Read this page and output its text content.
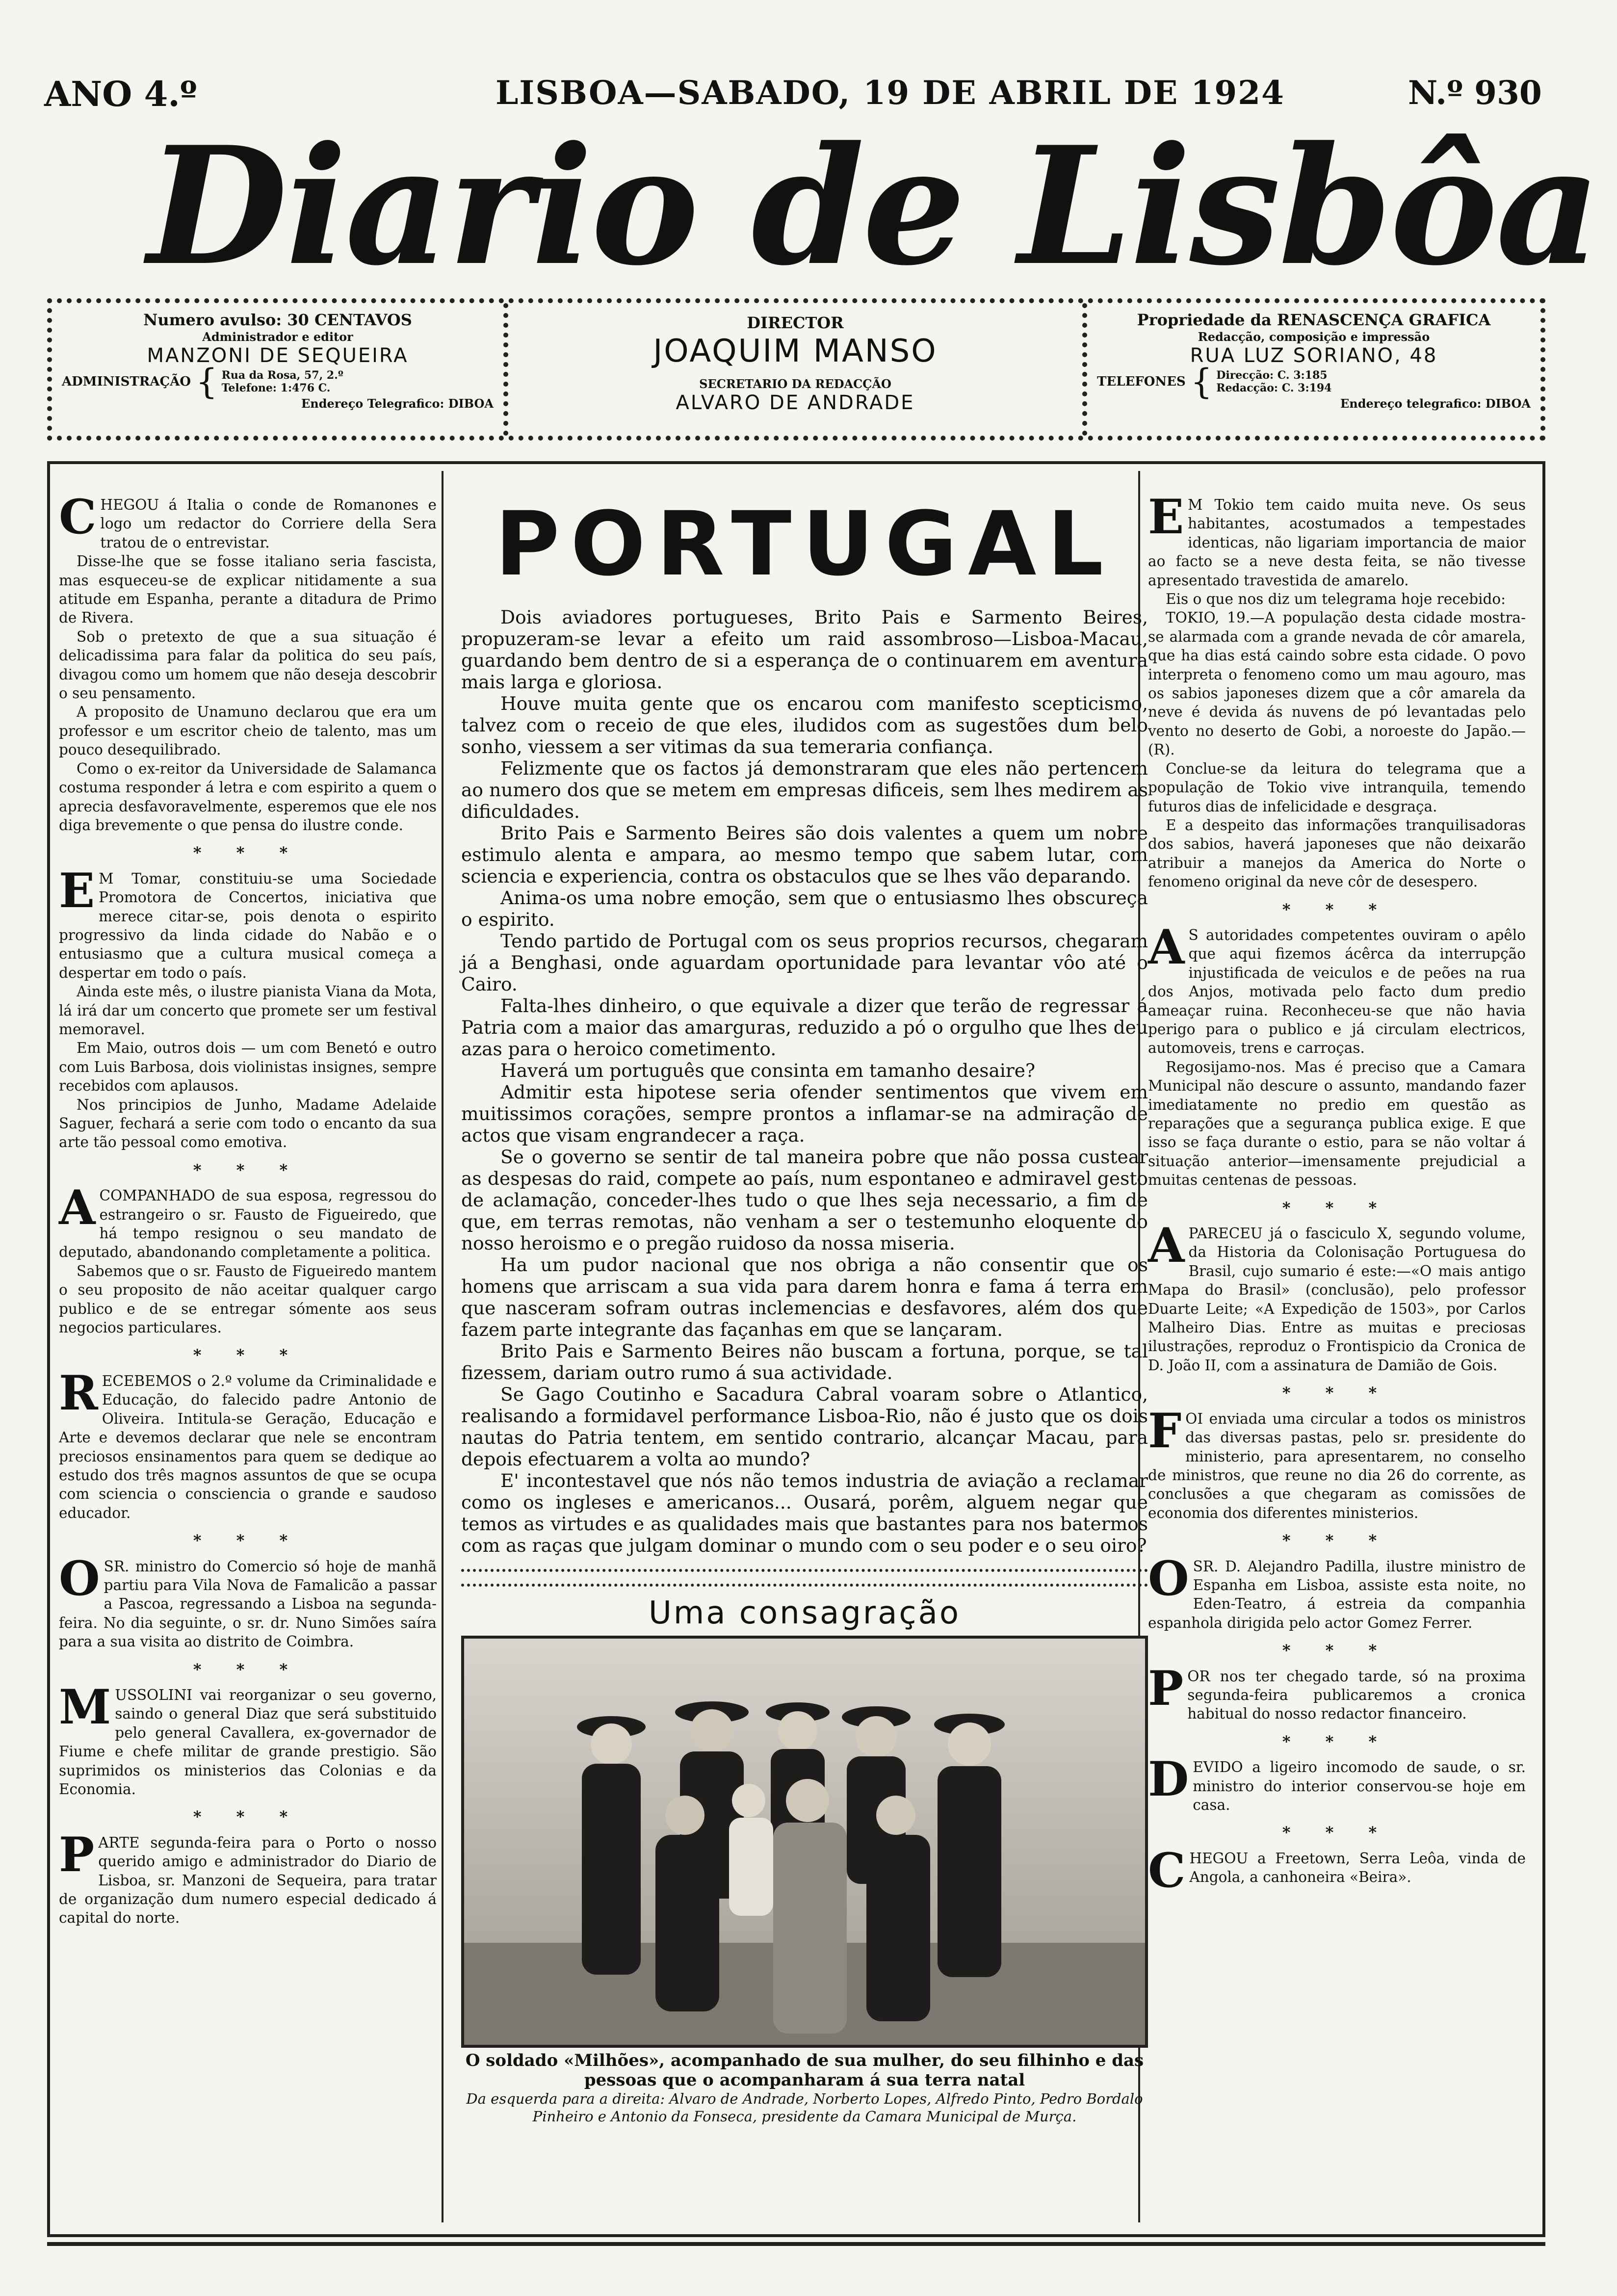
ANO 4.º	LISBOA—SABADO, 19 DE ABRIL DE 1924	N.º 930
Diario de Lisbôa
Numero avulso: 30 CENTAVOS
Administrador e editor
MANZONI DE SEQUEIRA
ADMINISTRAÇÃO { Rua da Rosa, 57, 2.º
Telefone: 1:476 C.
Endereço Telegrafico: DIBOA
DIRECTOR
JOAQUIM MANSO
SECRETARIO DA REDACÇÃO
ALVARO DE ANDRADE
Propriedade da RENASCENÇA GRAFICA
Redacção, composição e impressão
RUA LUZ SORIANO, 48
TELEFONES { Direcção: C. 3:185
Redacção: C. 3:194
Endereço telegrafico: DIBOA

CHEGOU á Italia o conde de Romanones e logo um redactor do Corriere della Sera tratou de o entrevistar.

Disse-lhe que se fosse italiano seria fascista, mas esqueceu-se de explicar nitidamente a sua atitude em Espanha, perante a ditadura de Primo de Rivera.

Sob o pretexto de que a sua situação é delicadissima para falar da politica do seu país, divagou como um homem que não deseja descobrir o seu pensamento.

A proposito de Unamuno declarou que era um professor e um escritor cheio de talento, mas um pouco desequilibrado.

Como o ex-reitor da Universidade de Salamanca costuma responder á letra e com espirito a quem o aprecia desfavoravelmente, esperemos que ele nos diga brevemente o que pensa do ilustre conde.

* * *

E M Tomar, constituiu-se uma Sociedade Promotora de Concertos, iniciativa que merece citar-se, pois denota o espirito progressivo da linda cidade do Nabão e o entusiasmo que a cultura musical começa a despertar em todo o país.

Ainda este mês, o ilustre pianista Viana da Mota, lá irá dar um concerto que promete ser um festival memoravel.

Em Maio, outros dois — um com Benetó e outro com Luis Barbosa, dois violinistas insignes, sempre recebidos com aplausos.

Nos principios de Junho, Madame Adelaide Saguer, fechará a serie com todo o encanto da sua arte tão pessoal como emotiva.

* * *

ACOMPANHADO de sua esposa, regressou do estrangeiro o sr. Fausto de Figueiredo, que há tempo resignou o seu mandato de deputado, abandonando completamente a politica.

Sabemos que o sr. Fausto de Figueiredo mantem o seu proposito de não aceitar qualquer cargo publico e de se entregar sómente aos seus negocios particulares.

* * *

RECEBEMOS o 2.º volume da Criminalidade e Educação, do falecido padre Antonio de Oliveira. Intitula-se Geração, Educação e Arte e devemos declarar que nele se encontram preciosos ensinamentos para quem se dedique ao estudo dos três magnos assuntos de que se ocupa com sciencia o consciencia o grande e saudoso educador.

* * *

OSR. ministro do Comercio só hoje de manhã partiu para Vila Nova de Famalicão a passar a Pascoa, regressando a Lisboa na segunda-feira. No dia seguinte, o sr. dr. Nuno Simões saíra para a sua visita ao distrito de Coimbra.

* * *

MUSSOLINI vai reorganizar o seu governo, saindo o general Diaz que será substituido pelo general Cavallera, ex-governador de Fiume e chefe militar de grande prestigio. São suprimidos os ministerios das Colonias e da Economia.

* * *

PARTE segunda-feira para o Porto o nosso querido amigo e administrador do Diario de Lisboa, sr. Manzoni de Sequeira, para tratar de organização dum numero especial dedicado á capital do norte.

PORTUGAL

Dois aviadores portugueses, Brito Pais e Sarmento Beires, propuzeram-se levar a efeito um raid assombroso—Lisboa-Macau, guardando bem dentro de si a esperança de o continuarem em aventura mais larga e gloriosa.

Houve muita gente que os encarou com manifesto scepticismo, talvez com o receio de que eles, iludidos com as sugestões dum belo sonho, viessem a ser vitimas da sua temeraria confiança.

Felizmente que os factos já demonstraram que eles não pertencem ao numero dos que se metem em empresas dificeis, sem lhes medirem as dificuldades.

Brito Pais e Sarmento Beires são dois valentes a quem um nobre estimulo alenta e ampara, ao mesmo tempo que sabem lutar, com sciencia e experiencia, contra os obstaculos que se lhes vão deparando.

Anima-os uma nobre emoção, sem que o entusiasmo lhes obscureça o espirito.

Tendo partido de Portugal com os seus proprios recursos, chegaram já a Benghasi, onde aguardam oportunidade para levantar vôo até o Cairo.

Falta-lhes dinheiro, o que equivale a dizer que terão de regressar á Patria com a maior das amarguras, reduzido a pó o orgulho que lhes deu azas para o heroico cometimento.

Haverá um português que consinta em tamanho desaire?

Admitir esta hipotese seria ofender sentimentos que vivem em muitissimos corações, sempre prontos a inflamar-se na admiração de actos que visam engrandecer a raça.

Se o governo se sentir de tal maneira pobre que não possa custear as despesas do raid, compete ao país, num espontaneo e admiravel gesto de aclamação, conceder-lhes tudo o que lhes seja necessario, a fim de que, em terras remotas, não venham a ser o testemunho eloquente do nosso heroismo e o pregão ruidoso da nossa miseria.

Ha um pudor nacional que nos obriga a não consentir que os homens que arriscam a sua vida para darem honra e fama á terra em que nasceram sofram outras inclemencias e desfavores, além dos que fazem parte integrante das façanhas em que se lançaram.

Brito Pais e Sarmento Beires não buscam a fortuna, porque, se tal fizessem, dariam outro rumo á sua actividade.

Se Gago Coutinho e Sacadura Cabral voaram sobre o Atlantico, realisando a formidavel performance Lisboa-Rio, não é justo que os dois nautas do Patria tentem, em sentido contrario, alcançar Macau, para depois efectuarem a volta ao mundo?

E' incontestavel que nós não temos industria de aviação a reclamar como os ingleses e americanos... Ousará, porêm, alguem negar que temos as virtudes e as qualidades mais que bastantes para nos batermos com as raças que julgam dominar o mundo com o seu poder e o seu oiro?

Uma consagração
O soldado «Milhões», acompanhado de sua mulher, do seu filhinho e das pessoas que o acompanharam á sua terra natal
Da esquerda para a direita: Alvaro de Andrade, Norberto Lopes, Alfredo Pinto, Pedro Bordalo Pinheiro e Antonio da Fonseca, presidente da Camara Municipal de Murça.

E M Tokio tem caido muita neve. Os seus habitantes, acostumados a tempestades identicas, não ligariam importancia de maior ao facto se a neve desta feita, se não tivesse apresentado travestida de amarelo.

Eis o que nos diz um telegrama hoje recebido:

TOKIO, 19.—A população desta cidade mostra-se alarmada com a grande nevada de côr amarela, que ha dias está caindo sobre esta cidade. O povo interpreta o fenomeno como um mau agouro, mas os sabios japoneses dizem que a côr amarela da neve é devida ás nuvens de pó levantadas pelo vento no deserto de Gobi, a noroeste do Japão.—(R).

Conclue-se da leitura do telegrama que a população de Tokio vive intranquila, temendo futuros dias de infelicidade e desgraça.

E a despeito das informações tranquilisadoras dos sabios, haverá japoneses que não deixarão atribuir a manejos da America do Norte o fenomeno original da neve côr de desespero.

* * *

A S autoridades competentes ouviram o apêlo que aqui fizemos ácêrca da interrupção injustificada de veiculos e de peões na rua dos Anjos, motivada pelo facto dum predio ameaçar ruina. Reconheceu-se que não havia perigo para o publico e já circulam electricos, automoveis, trens e carroças.

Regosijamo-nos. Mas é preciso que a Camara Municipal não descure o assunto, mandando fazer imediatamente no predio em questão as reparações que a segurança publica exige. E que isso se faça durante o estio, para se não voltar á situação anterior—imensamente prejudicial a muitas centenas de pessoas.

* * *

APARECEU já o fasciculo X, segundo volume, da Historia da Colonisação Portuguesa do Brasil, cujo sumario é este:—«O mais antigo Mapa do Brasil» (conclusão), pelo professor Duarte Leite; «A Expedição de 1503», por Carlos Malheiro Dias. Entre as muitas e preciosas ilustrações, reproduz o Frontispicio da Cronica de D. João II, com a assinatura de Damião de Gois.

* * *

FOI enviada uma circular a todos os ministros das diversas pastas, pelo sr. presidente do ministerio, para apresentarem, no conselho de ministros, que reune no dia 26 do corrente, as conclusões a que chegaram as comissões de economia dos diferentes ministerios.

* * *

OSR. D. Alejandro Padilla, ilustre ministro de Espanha em Lisboa, assiste esta noite, no Eden-Teatro, á estreia da companhia espanhola dirigida pelo actor Gomez Ferrer.

* * *

POR nos ter chegado tarde, só na proxima segunda-feira publicaremos a cronica habitual do nosso redactor financeiro.

* * *

DEVIDO a ligeiro incomodo de saude, o sr. ministro do interior conservou-se hoje em casa.

* * *

CHEGOU a Freetown, Serra Leôa, vinda de Angola, a canhoneira «Beira».
